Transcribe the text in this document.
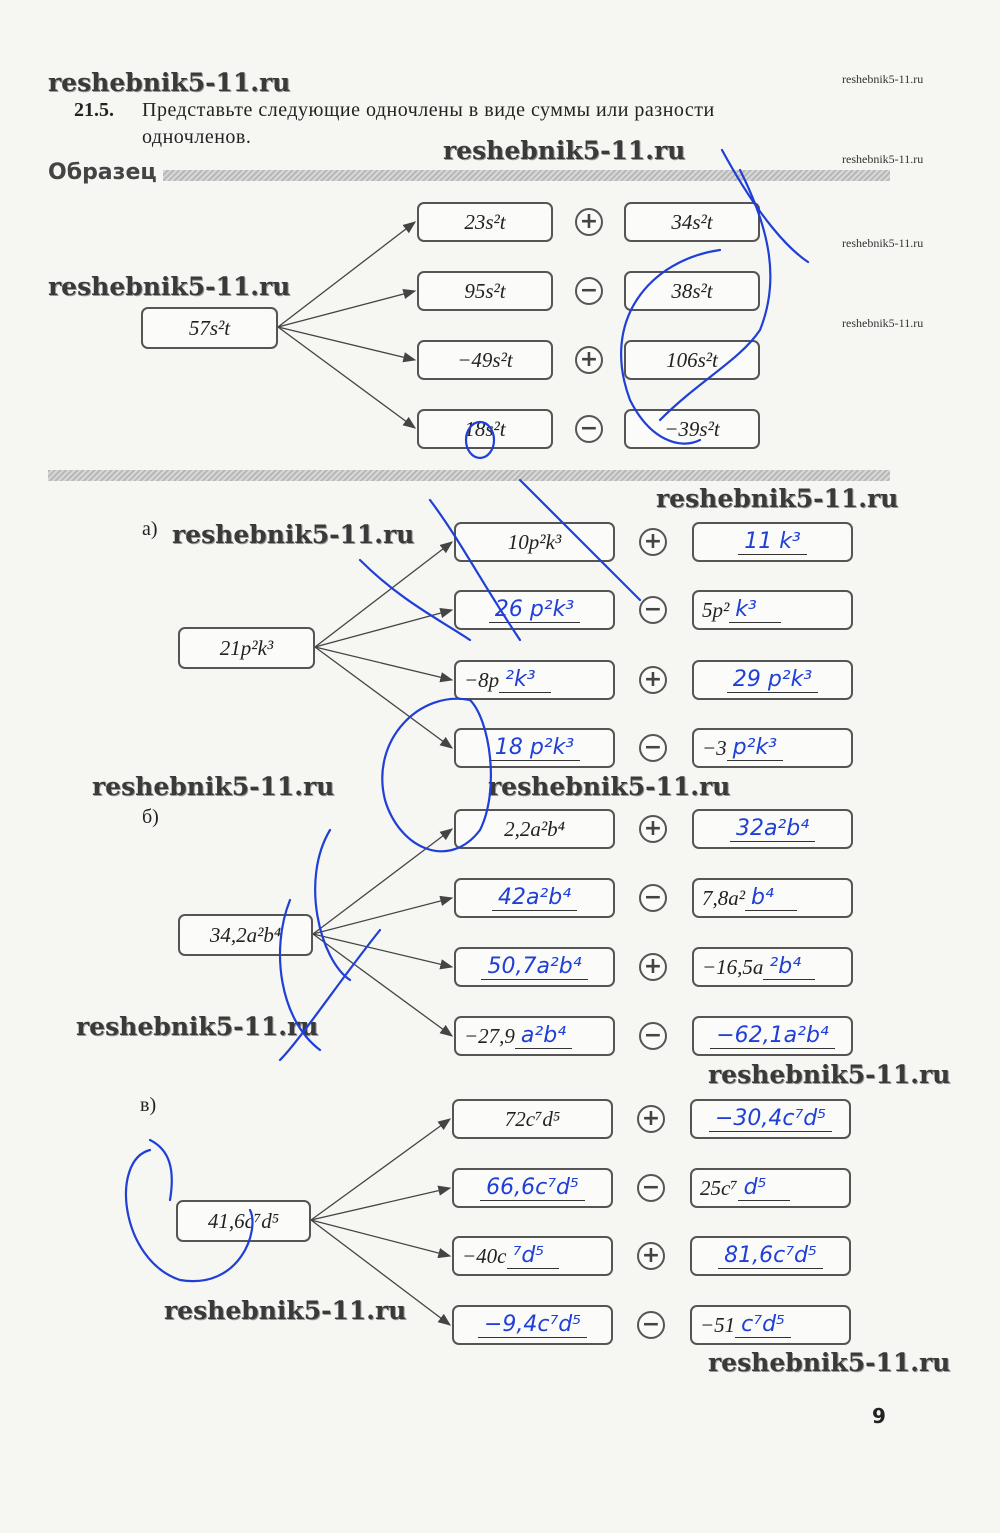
reshebnik5-11.ru	reshebnik5-11.ru
reshebnik5-11.ru	reshebnik5-11.ru
reshebnik5-11.ru
reshebnik5-11.ru
reshebnik5-11.ru
21.5. Представьте следующие одночлены в виде суммы или разности
одночленов.
Образец
57s²t
23s²t	+	34s²t
95s²t	−	38s²t
−49s²t	+	106s²t
18s²t	−	−39s²t
reshebnik5-11.ru
а) reshebnik5-11.ru
21p²k³
10p²k³	+	11 k³
26 p²k³	− 5p² k³
−8p ²k³	+	29 p²k³
18 p²k³	− −3 p²k³
reshebnik5-11.ru	reshebnik5-11.ru
б)
34,2a²b⁴
2,2a²b⁴	+	32a²b⁴
42a²b⁴	− 7,8a² b⁴
50,7a²b⁴	+ −16,5a ²b⁴
−27,9 a²b⁴	− −62,1a²b⁴
reshebnik5-11.ru
reshebnik5-11.ru
в)
41,6c⁷d⁵
72c⁷d⁵	+ −30,4c⁷d⁵
66,6c⁷d⁵	− 25c⁷ d⁵
−40c ⁷d⁵	+	81,6c⁷d⁵
−9,4c⁷d⁵	− −51 c⁷d⁵
reshebnik5-11.ru
reshebnik5-11.ru
9
